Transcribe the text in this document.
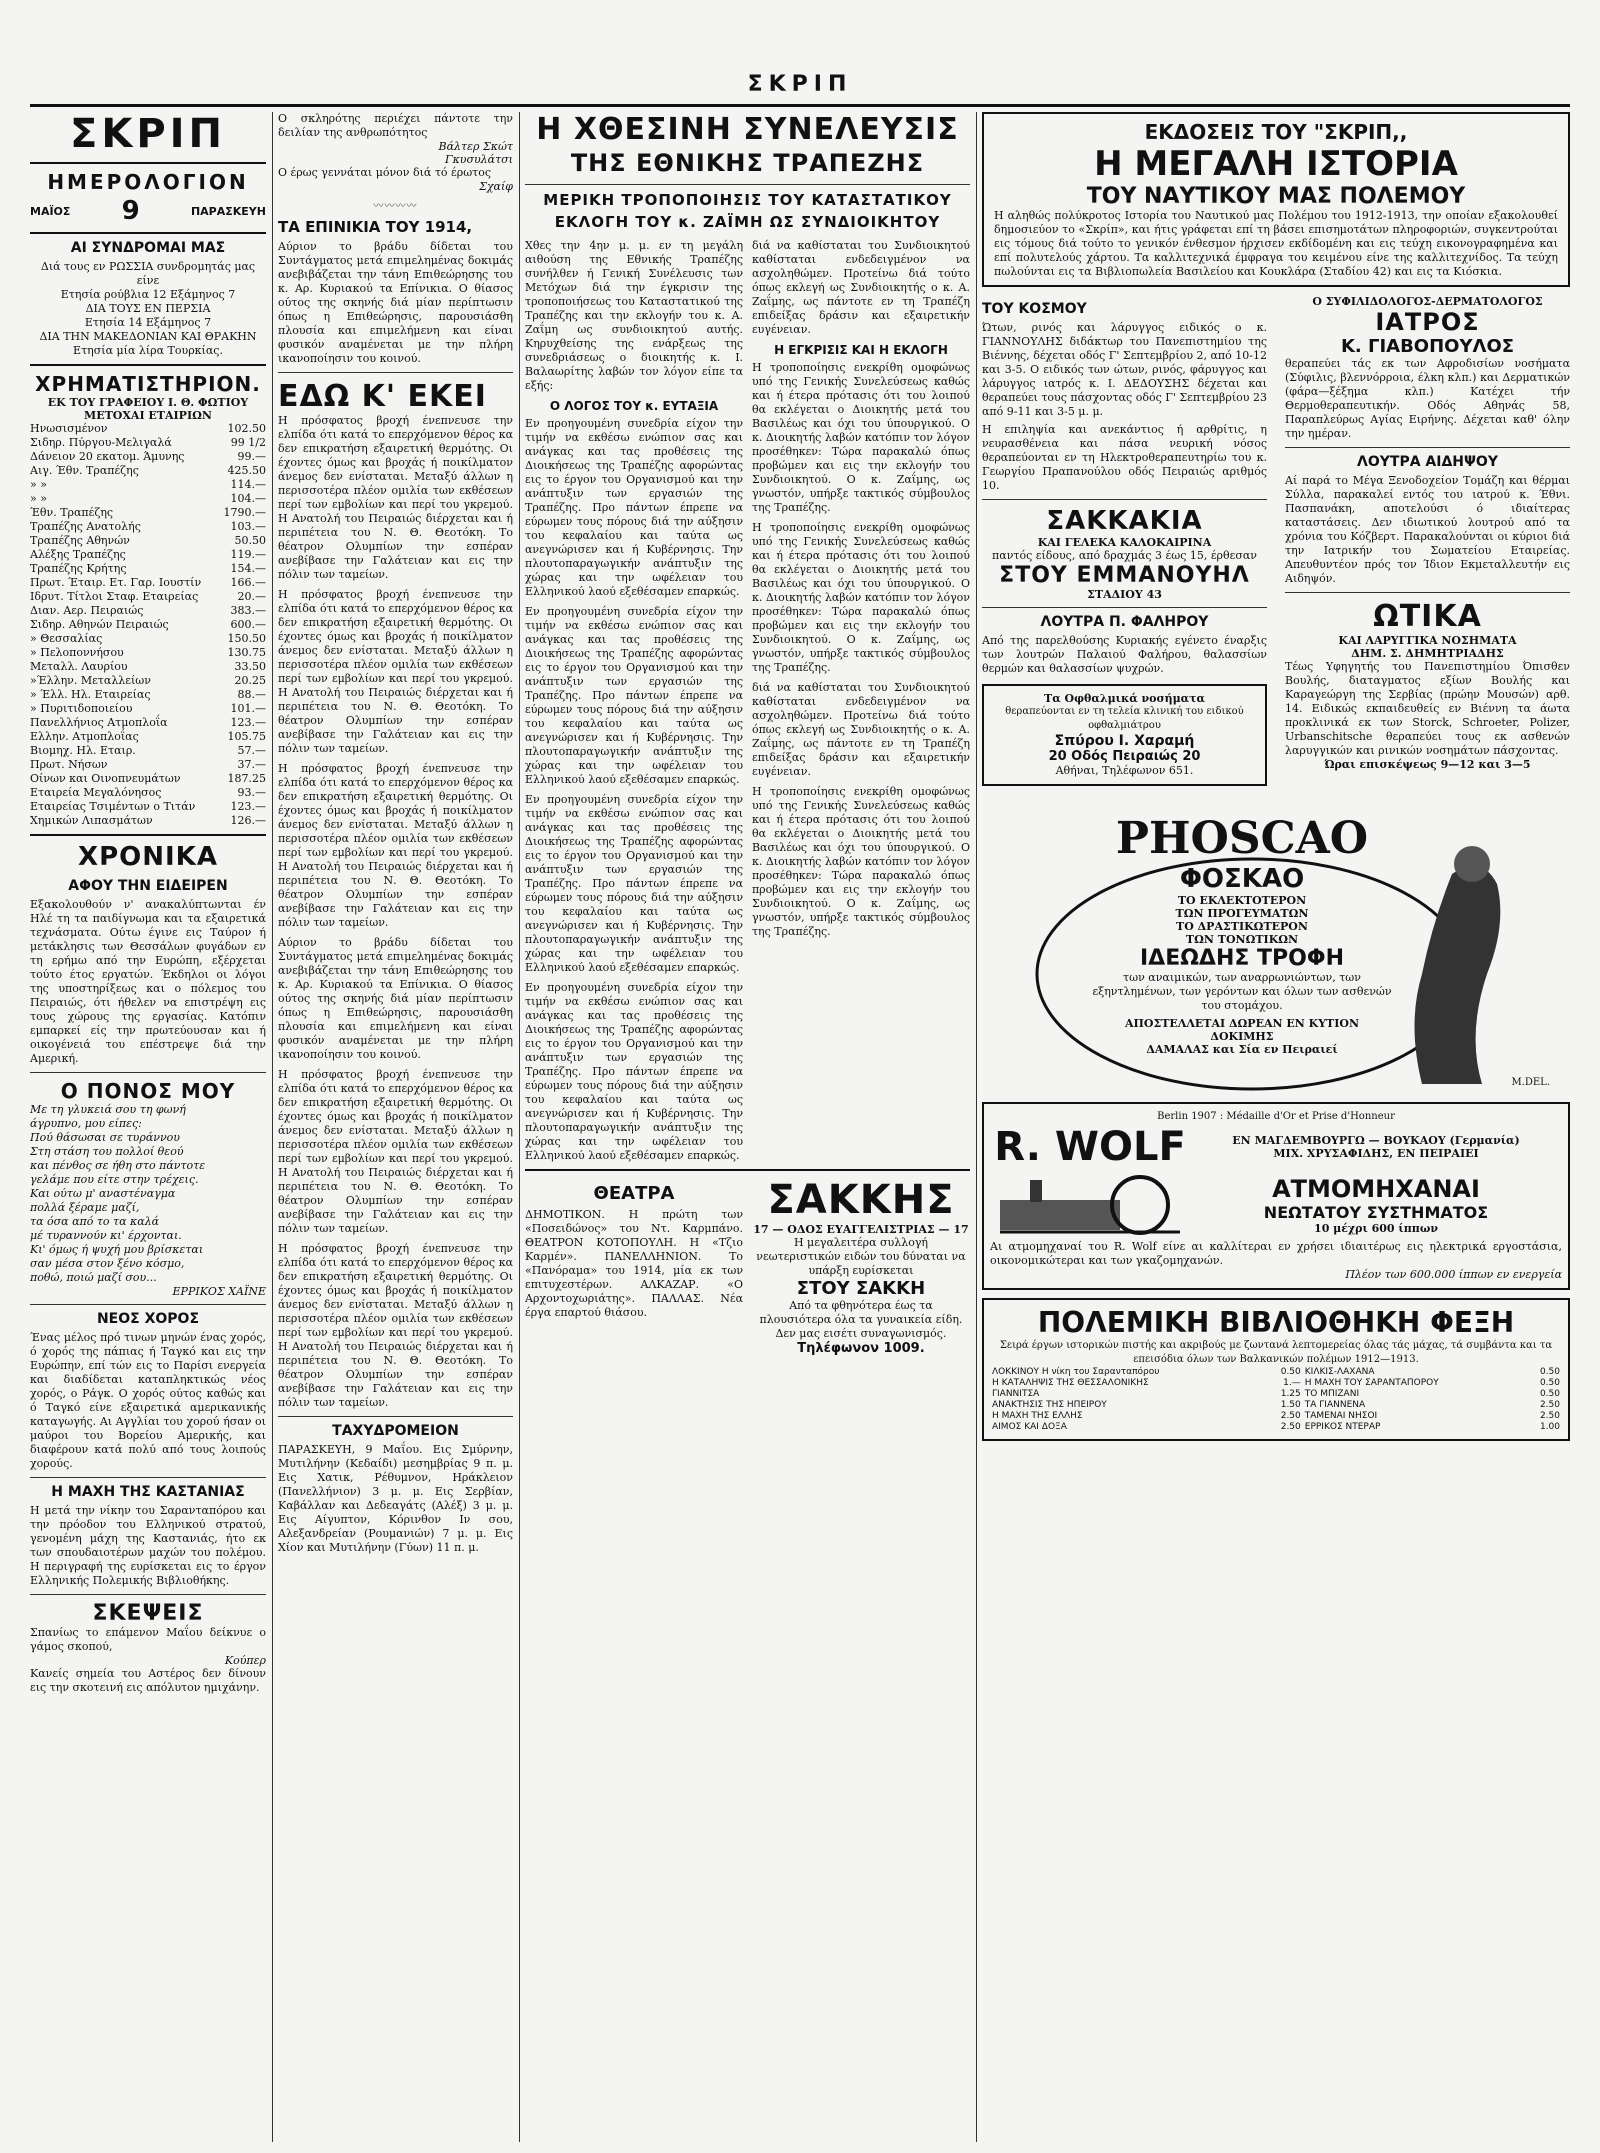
ΣΚΡΙΠ
ΣΚΡΙΠ
ΗΜΕΡΟΛΟΓΙΟΝ
ΜΑΪΟΣ 9	ΠΑΡΑΣΚΕΥΗ
ΑΙ ΣΥΝΔΡΟΜΑΙ ΜΑΣ
Διά τους εν ΡΩΣΣΙΑ συνδρομητάς μας είνε
Ετησία ρούβλια 12 Εξάμηνος 7
ΔΙΑ ΤΟΥΣ ΕΝ ΠΕΡΣΙΑ
Ετησία 14 Εξάμηνος 7
ΔΙΑ ΤΗΝ ΜΑΚΕΔΟΝΙΑΝ ΚΑΙ ΘΡΑΚΗΝ
Ετησία μία λίρα Τουρκίας.
ΧΡΗΜΑΤΙΣΤΗΡΙΟΝ.
ΕΚ ΤΟΥ ΓΡΑΦΕΙΟΥ Ι. Θ. ΦΩΤΙΟΥ
ΜΕΤΟΧΑΙ ΕΤΑΙΡΙΩΝ
Ηνωσισμένον	102.50
Σιδηρ. Πύργου-Μελιγαλά	99 1/2
Δάνειον 20 εκατομ. Άμυνης	99.—
Αιγ. Έθν. Τραπέζης	425.50
» »	114.—
» »	104.—
Έθν. Τραπέζης	1790.—
Τραπέζης Ανατολής	103.—
Τραπέζης Αθηνών	50.50
Αλέξης Τραπέζης	119.—
Τραπέζης Κρήτης	154.—
Πρωτ. Έταιρ. Ετ. Γαρ. Ιουστίν	166.—
Ιδρυτ. Τίτλοι Σταφ. Εταιρείας	20.—
Διαν. Αερ. Πειραιώς	383.—
Σιδηρ. Αθηνών Πειραιώς	600.—
» Θεσσαλίας	150.50
» Πελοποννήσου	130.75
Μεταλλ. Λαυρίου	33.50
»Έλλην. Μεταλλείων	20.25
» Έλλ. Ηλ. Εταιρείας	88.—
» Πυριτιδοποιείου	101.—
Πανελλήνιος Ατμοπλοΐα	123.—
Ελλην. Ατμοπλοΐας	105.75
Βιομηχ. Ηλ. Εταιρ.	57.—
Πρωτ. Νήσων	37.—
Οίνων και Οινοπνευμάτων	187.25
Εταιρεία Μεγαλόνησος	93.—
Εταιρείας Τσιμέντων ο Τιτάν	123.—
Χημικών Λιπασμάτων	126.—
ΧΡΟΝΙΚΑ
ΑΦΟΥ ΤΗΝ ΕΙΔΕΙΡΕΝ

Εξακολουθούν ν' ανακαλύπτωνται έν Ηλέ τη τα παιδίγνωμα και τα εξαιρετικά τεχνάσματα. Ούτω έγινε εις Ταύρον ή μετάκλησις των Θεσσάλων φυγάδων εν τη ερήμω από την Ευρώπη, εξέρχεται τούτο έτος εργατών. Έκδηλοι οι λόγοι της υποστηρίξεως και ο πόλεμος του Πειραιώς, ότι ήθελεν να επιστρέψη εις τους χώρους της εργασίας. Κατόπιν εμπαρκεί είς την πρωτεύουσαν και ή οικογένειά του επέστρεψε διά την Αμερική.

Ο ΠΟΝΟΣ ΜΟΥ
Με τη γλυκειά σου τη φωνή
άγρυπνο, μου είπες:
Πού θάσωσαι σε τυράννου
Στη στάση του πολλοί θεού
και πένθος σε ήθη στο πάντοτε
γελάμε που είτε στην τρέχεις.
Και ούτω μ' αναστέναγμα
πολλά ξέραμε μαζί,
τα όσα από το τα καλά
μέ τυραννούν κι' έρχονται.
Κι' όμως ή ψυχή μου βρίσκεται
σαν μέσα στον ξένο κόσμο,
ποθώ, ποιώ μαζί σου...
ΕΡΡΙΚΟΣ ΧΑΪΝΕ
ΝΕΟΣ ΧΟΡΟΣ

Ένας μέλος πρό τινων μηνών ένας χορός, ό χορός της πάπιας ή Ταγκό και εις την Ευρώπην, επί τών εις το Παρίσι ενεργεία και διαδίδεται καταπληκτικώς νέος χορός, ο Ράγκ. Ο χορός ούτος καθώς και ό Ταγκό είνε εξαιρετικά αμερικανικής καταγωγής. Αι Αγγλίαι του χορού ήσαν οι μαύροι του Βορείου Αμερικής, και διαφέρουν κατά πολύ από τους λοιπούς χορούς.

Η ΜΑΧΗ ΤΗΣ ΚΑΣΤΑΝΙΑΣ

Η μετά την νίκην του Σαρανταπόρου και την πρόοδον του Ελληνικού στρατού, γενομένη μάχη της Καστανιάς, ήτο εκ των σπουδαιοτέρων μαχών του πολέμου. Η περιγραφή της ευρίσκεται εις το έργον Ελληνικής Πολεμικής Βιβλιοθήκης.

ΣΚΕΨΕΙΣ

Σπανίως το επάμενον Μαΐου δείκνυε ο γάμος σκοπού,

Κούπερ

Κανείς σημεία του Αστέρος δεν δίνουν εις την σκοτεινή εις απόλυτον ημιχάνην.

Ο σκληρότης περιέχει πάντοτε την δειλίαν της ανθρωπότητος

Βάλτερ Σκώτ
Γκυσυλάτσι

Ο έρως γεννάται μόνον διά τό έρωτος

Σχαίφ
〰〰〰〰
ΤΑ ΕΠΙΝΙΚΙΑ ΤΟΥ 1914,

Αύριον το βράδυ δίδεται του Συντάγματος μετά επιμελημένας δοκιμάς ανεβιβάζεται την τάνη Επιθεώρησης του κ. Αρ. Κυριακού τα Επίνικια. Ο θίασος ούτος της σκηνής διά μίαν περίπτωσιν όπως η Επιθεώρησις, παρουσιάσθη πλουσία και επιμελήμενη και είναι φυσικόν αναμένεται με την πλήρη ικανοποίησιν του κοινού.

ΕΔΩ Κ' ΕΚΕΙ

Η πρόσφατος βροχή ένεπνευσε την ελπίδα ότι κατά το επερχόμενον θέρος κα δεν επικρατήση εξαιρετική θερμότης. Οι έχοντες όμως και βροχάς ή ποικίλματον άνεμος δεν ενίσταται. Μεταξύ άλλων η περισσοτέρα πλέον ομιλία των εκθέσεων περί των εμβολίων και περί του γκρεμού. Η Ανατολή του Πειραιώς διέρχεται και ή περιπέτεια του Ν. Θ. Θεοτόκη. Το θέατρον Ολυμπίων την εσπέραν ανεβίβασε την Γαλάτειαν και εις την πόλιν των ταμείων.

Η πρόσφατος βροχή ένεπνευσε την ελπίδα ότι κατά το επερχόμενον θέρος κα δεν επικρατήση εξαιρετική θερμότης. Οι έχοντες όμως και βροχάς ή ποικίλματον άνεμος δεν ενίσταται. Μεταξύ άλλων η περισσοτέρα πλέον ομιλία των εκθέσεων περί των εμβολίων και περί του γκρεμού. Η Ανατολή του Πειραιώς διέρχεται και ή περιπέτεια του Ν. Θ. Θεοτόκη. Το θέατρον Ολυμπίων την εσπέραν ανεβίβασε την Γαλάτειαν και εις την πόλιν των ταμείων.

Η πρόσφατος βροχή ένεπνευσε την ελπίδα ότι κατά το επερχόμενον θέρος κα δεν επικρατήση εξαιρετική θερμότης. Οι έχοντες όμως και βροχάς ή ποικίλματον άνεμος δεν ενίσταται. Μεταξύ άλλων η περισσοτέρα πλέον ομιλία των εκθέσεων περί των εμβολίων και περί του γκρεμού. Η Ανατολή του Πειραιώς διέρχεται και ή περιπέτεια του Ν. Θ. Θεοτόκη. Το θέατρον Ολυμπίων την εσπέραν ανεβίβασε την Γαλάτειαν και εις την πόλιν των ταμείων.

Αύριον το βράδυ δίδεται του Συντάγματος μετά επιμελημένας δοκιμάς ανεβιβάζεται την τάνη Επιθεώρησης του κ. Αρ. Κυριακού τα Επίνικια. Ο θίασος ούτος της σκηνής διά μίαν περίπτωσιν όπως η Επιθεώρησις, παρουσιάσθη πλουσία και επιμελήμενη και είναι φυσικόν αναμένεται με την πλήρη ικανοποίησιν του κοινού.

Η πρόσφατος βροχή ένεπνευσε την ελπίδα ότι κατά το επερχόμενον θέρος κα δεν επικρατήση εξαιρετική θερμότης. Οι έχοντες όμως και βροχάς ή ποικίλματον άνεμος δεν ενίσταται. Μεταξύ άλλων η περισσοτέρα πλέον ομιλία των εκθέσεων περί των εμβολίων και περί του γκρεμού. Η Ανατολή του Πειραιώς διέρχεται και ή περιπέτεια του Ν. Θ. Θεοτόκη. Το θέατρον Ολυμπίων την εσπέραν ανεβίβασε την Γαλάτειαν και εις την πόλιν των ταμείων.

Η πρόσφατος βροχή ένεπνευσε την ελπίδα ότι κατά το επερχόμενον θέρος κα δεν επικρατήση εξαιρετική θερμότης. Οι έχοντες όμως και βροχάς ή ποικίλματον άνεμος δεν ενίσταται. Μεταξύ άλλων η περισσοτέρα πλέον ομιλία των εκθέσεων περί των εμβολίων και περί του γκρεμού. Η Ανατολή του Πειραιώς διέρχεται και ή περιπέτεια του Ν. Θ. Θεοτόκη. Το θέατρον Ολυμπίων την εσπέραν ανεβίβασε την Γαλάτειαν και εις την πόλιν των ταμείων.

ΤΑΧΥΔΡΟΜΕΙΟΝ

ΠΑΡΑΣΚΕΥΗ, 9 Μαΐου. Εις Σμύρνην, Μυτιλήνην (Κεδαίδι) μεσημβρίας 9 π. μ. Εις Χατικ, Ρέθυμνον, Ηράκλειον (Πανελλήνιον) 3 μ. μ. Εις Σερβίαν, Καβάλλαν και Δεδεαγάτς (Αλέξ) 3 μ. μ. Εις Αίγυπτον, Κόρινθον Ιν σου, Αλεξανδρείαν (Ρουμανιών) 7 μ. μ. Εις Χίον και Μυτιλήνην (Γύων) 11 π. μ.

Η ΧΘΕΣΙΝΗ ΣΥΝΕΛΕΥΣΙΣ
ΤΗΣ ΕΘΝΙΚΗΣ ΤΡΑΠΕΖΗΣ
ΜΕΡΙΚΗ ΤΡΟΠΟΠΟΙΗΣΙΣ ΤΟΥ ΚΑΤΑΣΤΑΤΙΚΟΥ
ΕΚΛΟΓΗ ΤΟΥ κ. ΖΑΪΜΗ ΩΣ ΣΥΝΔΙΟΙΚΗΤΟΥ

Χθες την 4ην μ. μ. εν τη μεγάλη αιθούση της Εθνικής Τραπέζης συνήλθεν ή Γενική Συνέλευσις των Μετόχων διά την έγκρισιν της τροποποιήσεως του Καταστατικού της Τραπέζης και την εκλογήν του κ. Α. Ζαΐμη ως συνδιοικητού αυτής. Κηρυχθείσης της ενάρξεως της συνεδριάσεως ο διοικητής κ. Ι. Βαλαωρίτης λαβών τον λόγον είπε τα εξής:

Ο ΛΟΓΟΣ ΤΟΥ κ. ΕΥΤΑΞΙΑ

Εν προηγουμένη συνεδρία είχον την τιμήν να εκθέσω ενώπιον σας και ανάγκας και τας προθέσεις της Διοικήσεως της Τραπέζης αφορώντας εις το έργον του Οργανισμού και την ανάπτυξιν των εργασιών της Τραπέζης. Προ πάντων έπρεπε να εύρωμεν τους πόρους διά την αύξησιν του κεφαλαίου και ταύτα ως ανεγνώρισεν και ή Κυβέρνησις. Την πλουτοπαραγωγικήν ανάπτυξιν της χώρας και την ωφέλειαν του Ελληνικού λαού εξεθέσαμεν επαρκώς.

Εν προηγουμένη συνεδρία είχον την τιμήν να εκθέσω ενώπιον σας και ανάγκας και τας προθέσεις της Διοικήσεως της Τραπέζης αφορώντας εις το έργον του Οργανισμού και την ανάπτυξιν των εργασιών της Τραπέζης. Προ πάντων έπρεπε να εύρωμεν τους πόρους διά την αύξησιν του κεφαλαίου και ταύτα ως ανεγνώρισεν και ή Κυβέρνησις. Την πλουτοπαραγωγικήν ανάπτυξιν της χώρας και την ωφέλειαν του Ελληνικού λαού εξεθέσαμεν επαρκώς.

Εν προηγουμένη συνεδρία είχον την τιμήν να εκθέσω ενώπιον σας και ανάγκας και τας προθέσεις της Διοικήσεως της Τραπέζης αφορώντας εις το έργον του Οργανισμού και την ανάπτυξιν των εργασιών της Τραπέζης. Προ πάντων έπρεπε να εύρωμεν τους πόρους διά την αύξησιν του κεφαλαίου και ταύτα ως ανεγνώρισεν και ή Κυβέρνησις. Την πλουτοπαραγωγικήν ανάπτυξιν της χώρας και την ωφέλειαν του Ελληνικού λαού εξεθέσαμεν επαρκώς.

Εν προηγουμένη συνεδρία είχον την τιμήν να εκθέσω ενώπιον σας και ανάγκας και τας προθέσεις της Διοικήσεως της Τραπέζης αφορώντας εις το έργον του Οργανισμού και την ανάπτυξιν των εργασιών της Τραπέζης. Προ πάντων έπρεπε να εύρωμεν τους πόρους διά την αύξησιν του κεφαλαίου και ταύτα ως ανεγνώρισεν και ή Κυβέρνησις. Την πλουτοπαραγωγικήν ανάπτυξιν της χώρας και την ωφέλειαν του Ελληνικού λαού εξεθέσαμεν επαρκώς.

διά να καθίσταται του Συνδιοικητού καθίσταται ενδεδειγμένον να ασχοληθώμεν. Προτείνω διά τούτο όπως εκλεγή ως Συνδιοικητής ο κ. Α. Ζαΐμης, ως πάντοτε εν τη Τραπέζη επιδείξας δράσιν και εξαιρετικήν ευγένειαν.

Η ΕΓΚΡΙΣΙΣ ΚΑΙ Η ΕΚΛΟΓΗ

Η τροποποίησις ενεκρίθη ομοφώνως υπό της Γενικής Συνελεύσεως καθώς και ή έτερα πρότασις ότι του λοιπού θα εκλέγεται ο Διοικητής μετά του Βασιλέως και όχι του ύπουργικού. Ο κ. Διοικητής λαβών κατόπιν τον λόγον προσέθηκεν: Τώρα παρακαλώ όπως προβώμεν και εις την εκλογήν του Συνδιοικητού. Ο κ. Ζαΐμης, ως γνωστόν, υπήρξε τακτικός σύμβουλος της Τραπέζης.

Η τροποποίησις ενεκρίθη ομοφώνως υπό της Γενικής Συνελεύσεως καθώς και ή έτερα πρότασις ότι του λοιπού θα εκλέγεται ο Διοικητής μετά του Βασιλέως και όχι του ύπουργικού. Ο κ. Διοικητής λαβών κατόπιν τον λόγον προσέθηκεν: Τώρα παρακαλώ όπως προβώμεν και εις την εκλογήν του Συνδιοικητού. Ο κ. Ζαΐμης, ως γνωστόν, υπήρξε τακτικός σύμβουλος της Τραπέζης.

διά να καθίσταται του Συνδιοικητού καθίσταται ενδεδειγμένον να ασχοληθώμεν. Προτείνω διά τούτο όπως εκλεγή ως Συνδιοικητής ο κ. Α. Ζαΐμης, ως πάντοτε εν τη Τραπέζη επιδείξας δράσιν και εξαιρετικήν ευγένειαν.

Η τροποποίησις ενεκρίθη ομοφώνως υπό της Γενικής Συνελεύσεως καθώς και ή έτερα πρότασις ότι του λοιπού θα εκλέγεται ο Διοικητής μετά του Βασιλέως και όχι του ύπουργικού. Ο κ. Διοικητής λαβών κατόπιν τον λόγον προσέθηκεν: Τώρα παρακαλώ όπως προβώμεν και εις την εκλογήν του Συνδιοικητού. Ο κ. Ζαΐμης, ως γνωστόν, υπήρξε τακτικός σύμβουλος της Τραπέζης.

ΘΕΑΤΡΑ

ΔΗΜΟΤΙΚΟΝ. Η πρώτη των «Ποσειδώνος» του Ντ. Καρμπάνο. ΘΕΑΤΡΟΝ ΚΟΤΟΠΟΥΛΗ. Η «Τζιο Καρμέν». ΠΑΝΕΛΛΗΝΙΟΝ. Το «Πανόραμα» του 1914, μία εκ των επιτυχεστέρων. ΑΛΚΑΖΑΡ. «Ο Αρχοντοχωριάτης». ΠΑΛΛΑΣ. Νέα έργα επαρτού θιάσου.

ΣΑΚΚΗΣ
17 — ΟΔΟΣ ΕΥΑΓΓΕΛΙΣΤΡΙΑΣ — 17

Η μεγαλειτέρα συλλογή νεωτεριστικών ειδών του δύναται να υπάρξη ευρίσκεται

ΣΤΟΥ ΣΑΚΚΗ

Από τα φθηνότερα έως τα πλουσιότερα όλα τα γυναικεία είδη. Δεν μας εισέτι συναγωνισμός.

Τηλέφωνον 1009.
ΕΚΔΟΣΕΙΣ ΤΟΥ "ΣΚΡΙΠ,,
Η ΜΕΓΑΛΗ ΙΣΤΟΡΙΑ
ΤΟΥ ΝΑΥΤΙΚΟΥ ΜΑΣ ΠΟΛΕΜΟΥ

Η αληθώς πολύκροτος Ιστορία του Ναυτικού μας Πολέμου του 1912-1913, την οποίαν εξακολουθεί δημοσιεύον το «Σκρίπ», και ήτις γράφεται επί τη βάσει επισημοτάτων πληροφοριών, συγκεντρούται εις τόμους διά τούτο το γενικόν ένθεσμον ήρχισεν εκδίδομένη και εις τεύχη εικονογραφημένα και επί πολυτελούς χάρτου. Τα καλλιτεχνικά έμφραγα του κειμένου είνε της καλλιτεχνίδος. Τα τεύχη πωλούνται εις τα Βιβλιοπωλεία Βασιλείου και Κουκλάρα (Σταδίου 42) και εις τα Κιόσκια.

ΤΟΥ ΚΟΣΜΟΥ

Ώτων, ρινός και λάρυγγος ειδικός ο κ. ΓΙΑΝΝΟΥΛΗΣ διδάκτωρ του Πανεπιστημίου της Βιέννης, δέχεται οδός Γ' Σεπτεμβρίου 2, από 10-12 και 3-5. Ο ειδικός των ώτων, ρινός, φάρυγγος και λάρυγγος ιατρός κ. Ι. ΔΕΔΟΥΣΗΣ δέχεται και θεραπεύει τους πάσχοντας οδός Γ' Σεπτεμβρίου 23 από 9-11 και 3-5 μ. μ.

Η επιληψία και ανεκάντιος ή αρθρίτις, η νευρασθένεια και πάσα νευρική νόσος θεραπεύονται εν τη Ηλεκτροθεραπευτηρίω του κ. Γεωργίου Πραπανούλου οδός Πειραιώς αριθμός 10.

ΣΑΚΚΑΚΙΑ
ΚΑΙ ΓΕΛΕΚΑ ΚΑΛΟΚΑΙΡΙΝΑ

παντός είδους, από δραχμάς 3 έως 15, έρθεσαν

ΣΤΟΥ ΕΜΜΑΝΟΥΗΛ
ΣΤΑΔΙΟΥ 43
ΛΟΥΤΡΑ Π. ΦΑΛΗΡΟΥ

Από της παρελθούσης Κυριακής εγένετο έναρξις των λουτρών Παλαιού Φαλήρου, θαλασσίων θερμών και θαλασσίων ψυχρών.

Τα Οφθαλμικά νοσήματα

θεραπεύονται εν τη τελεία κλινική του ειδικού οφθαλμιάτρου

Σπύρου Ι. Χαραμή
20 Οδός Πειραιώς 20
Αθήναι, Τηλέφωνον 651.
Ο ΣΥΦΙΛΙΔΟΛΟΓΟΣ-ΔΕΡΜΑΤΟΛΟΓΟΣ
ΙΑΤΡΟΣ
Κ. ΓΙΑΒΟΠΟΥΛΟΣ

θεραπεύει τάς εκ των Αφροδισίων νοσήματα (Σύφιλις, βλεννόρροια, έλκη κλπ.) και Δερματικών (φάρα—ξέξημα κλπ.) Κατέχει τήν Θερμοθεραπευτικήν. Οδός Αθηνάς 58, Παραπλεύρως Αγίας Ειρήνης. Δέχεται καθ' όλην την ημέραν.

ΛΟΥΤΡΑ ΑΙΔΗΨΟΥ

Αί παρά το Μέγα Ξενοδοχείον Τομάζη και θέρμαι Σύλλα, παρακαλεί εντός του ιατρού κ. Έθνι. Πασπανάκη, αποτελούσι ό ιδιαίτερας καταστάσεις. Δεν ιδιωτικού λουτρού από τα χρόνια του Κόζβερτ. Παρακαλούνται οι κύριοι διά την Ιατρικήν του Σωματείου Εταιρείας. Απευθυντέον πρός τον Ίδιον Εκμεταλλευτήν εις Αιδηψόν.

ΩΤΙΚΑ
ΚΑΙ ΛΑΡΥΓΓΙΚΑ ΝΟΣΗΜΑΤΑ
ΔΗΜ. Σ. ΔΗΜΗΤΡΙΑΔΗΣ

Τέως Υφηγητής του Πανεπιστημίου Όπισθεν Βουλής, διαταγματος εξίων Βουλής και Καραγεώργη της Σερβίας (πρώην Μουσών) αρθ. 14. Ειδικώς εκπαιδευθείς εν Βιέννη τα άωτα προκλινικά εκ των Storck, Schroeter, Polizer, Urbanschitsche θεραπεύει τους εκ ασθενών λαρυγγικών και ρινικών νοσημάτων πάσχοντας.

Ώραι επισκέψεως 9—12 και 3—5
PHOSCAO
ΦΟΣΚΑΟ
ΤΟ ΕΚΛΕΚΤΟΤΕΡΟΝ
ΤΩΝ ΠΡΟΓΕΥΜΑΤΩΝ
ΤΟ ΔΡΑΣΤΙΚΩΤΕΡΟΝ
ΤΩΝ ΤΟΝΩΤΙΚΩΝ
ΙΔΕΩΔΗΣ ΤΡΟΦΗ

των αναιμικών, των αναρρωνιώντων, των εξηντλημένων, των γερόντων και όλων των ασθενών του στομάχου.

ΑΠΟΣΤΕΛΛΕΤΑΙ ΔΩΡΕΑΝ ΕΝ ΚΥΤΙΟΝ ΔΟΚΙΜΗΣ
ΔΑΜΑΛΑΣ και Σία εν Πειραιεί
M.DEL.
Berlin 1907 : Médaille d'Or et Prise d'Honneur
R. WOLF	ΕΝ ΜΑΓΔΕΜΒΟΥΡΓΩ — ΒΟΥΚΑΟΥ (Γερμανία)
ΜΙΧ. ΧΡΥΣΑΦΙΔΗΣ, ΕΝ ΠΕΙΡΑΙΕΙ
ΑΤΜΟΜΗΧΑΝΑΙ
ΝΕΩΤΑΤΟΥ ΣΥΣΤΗΜΑΤΟΣ
10 μέχρι 600 ίππων

Αι ατμομηχαναί του R. Wolf είνε αι καλλίτεραι εν χρήσει ιδιαιτέρως εις ηλεκτρικά εργοστάσια, οικονομικώτεραι και των γκαζομηχανών.

Πλέον των 600.000 ίππων εν ενεργεία
ΠΟΛΕΜΙΚΗ ΒΙΒΛΙΟΘΗΚΗ ΦΕΞΗ

Σειρά έργων ιστορικών πιστής και ακριβούς με ζωντανά λεπτομερείας όλας τάς μάχας, τά συμβάντα και τα επεισόδια όλων των Βαλκανικών πολέμων 1912—1913.

ΛΟΚΚΙΝΟΥ Η νίκη του Σαρανταπόρου	0.50	ΚΙΛΚΙΣ-ΛΑΧΑΝΑ	0.50
Η ΚΑΤΑΛΗΨΙΣ ΤΗΣ ΘΕΣΣΑΛΟΝΙΚΗΣ	1.—	Η ΜΑΧΗ ΤΟΥ ΣΑΡΑΝΤΑΠΟΡΟΥ	0.50
ΓΙΑΝΝΙΤΣΑ	1.25	ΤΟ ΜΠΙΖΑΝΙ	0.50
ΑΝΑΚΤΗΣΙΣ ΤΗΣ ΗΠΕΙΡΟΥ	1.50	ΤΑ ΓΙΑΝΝΕΝΑ	2.50
Η ΜΑΧΗ ΤΗΣ ΕΛΛΗΣ	2.50	ΤΑΜΕΝΑΙ ΝΗΣΟΙ	2.50
ΑΙΜΟΣ ΚΑΙ ΔΟΞΑ	2.50	ΕΡΡΙΚΟΣ ΝΤΕΡΑΡ	1.00
